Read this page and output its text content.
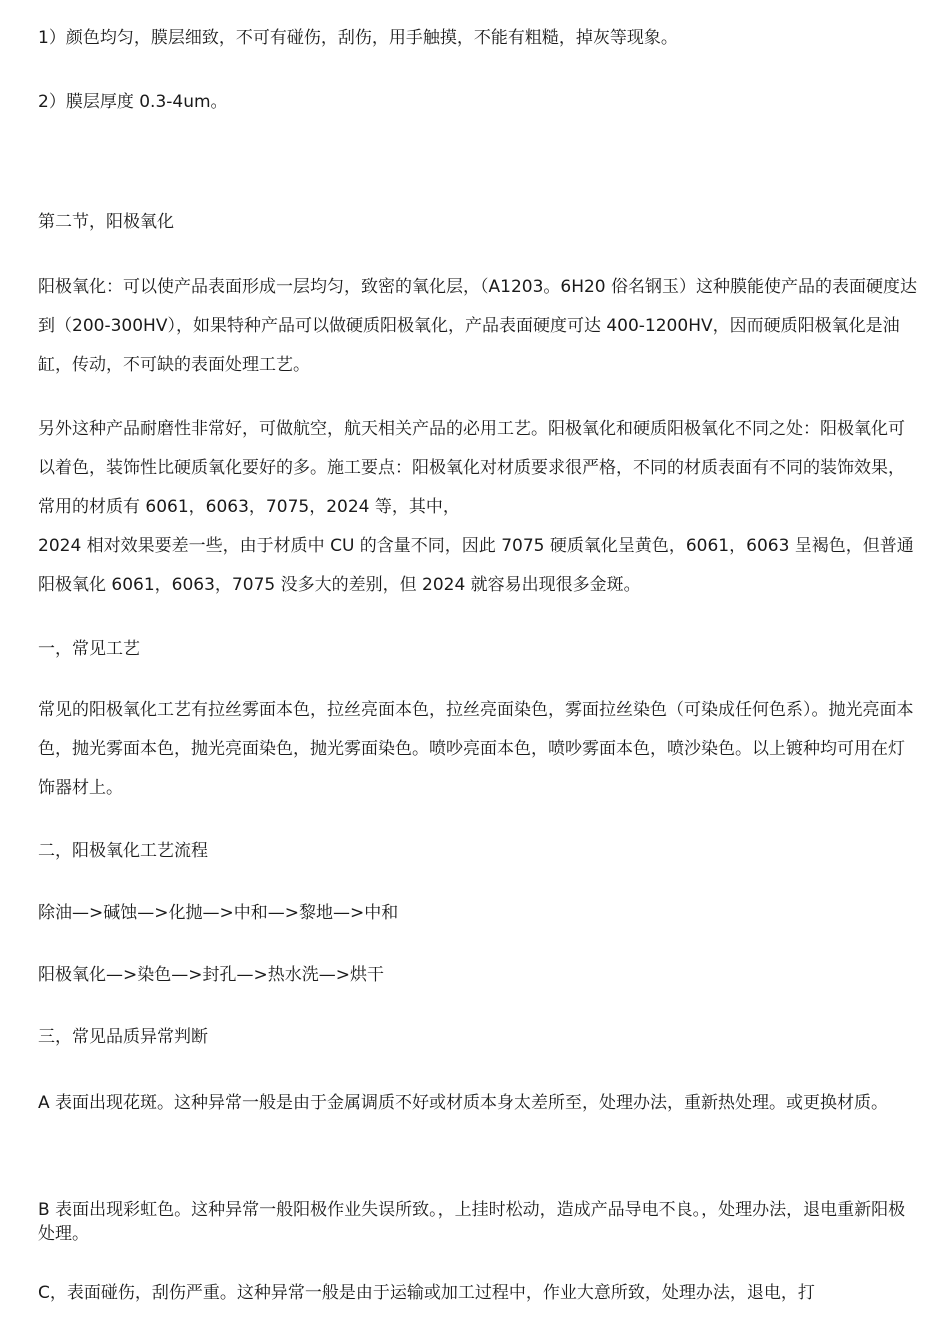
1）颜色均匀，膜层细致，不可有碰伤，刮伤，用手触摸，不能有粗糙，掉灰等现象。
2）膜层厚度 0.3-4um。
第二节，阳极氧化
阳极氧化：可以使产品表面形成一层均匀，致密的氧化层，（A1203。6H20 俗名钢玉）这种膜能使产品的表面硬度达到（200-300HV），如果特种产品可以做硬质阳极氧化，产品表面硬度可达 400-1200HV，因而硬质阳极氧化是油缸，传动，不可缺的表面处理工艺。
另外这种产品耐磨性非常好，可做航空，航天相关产品的必用工艺。阳极氧化和硬质阳极氧化不同之处：阳极氧化可以着色，装饰性比硬质氧化要好的多。施工要点：阳极氧化对材质要求很严格，不同的材质表面有不同的装饰效果，常用的材质有 6061，6063，7075，2024 等，其中，
2024 相对效果要差一些，由于材质中 CU 的含量不同，因此 7075 硬质氧化呈黄色，6061，6063 呈褐色，但普通阳极氧化 6061，6063，7075 没多大的差别，但 2024 就容易出现很多金斑。
一，常见工艺
常见的阳极氧化工艺有拉丝雾面本色，拉丝亮面本色，拉丝亮面染色，雾面拉丝染色（可染成任何色系）。抛光亮面本色，抛光雾面本色，抛光亮面染色，抛光雾面染色。喷吵亮面本色，喷吵雾面本色，喷沙染色。以上镀种均可用在灯饰器材上。
二，阳极氧化工艺流程
除油—>碱蚀—>化抛—>中和—>黎地—>中和
阳极氧化—>染色—>封孔—>热水洗—>烘干
三，常见品质异常判断
A 表面出现花斑。这种异常一般是由于金属调质不好或材质本身太差所至，处理办法，重新热处理。或更换材质。
B 表面出现彩虹色。这种异常一般阳极作业失误所致。，上挂时松动，造成产品导电不良。，处理办法，退电重新阳极处理。
C，表面碰伤，刮伤严重。这种异常一般是由于运输或加工过程中，作业大意所致，处理办法，退电，打
